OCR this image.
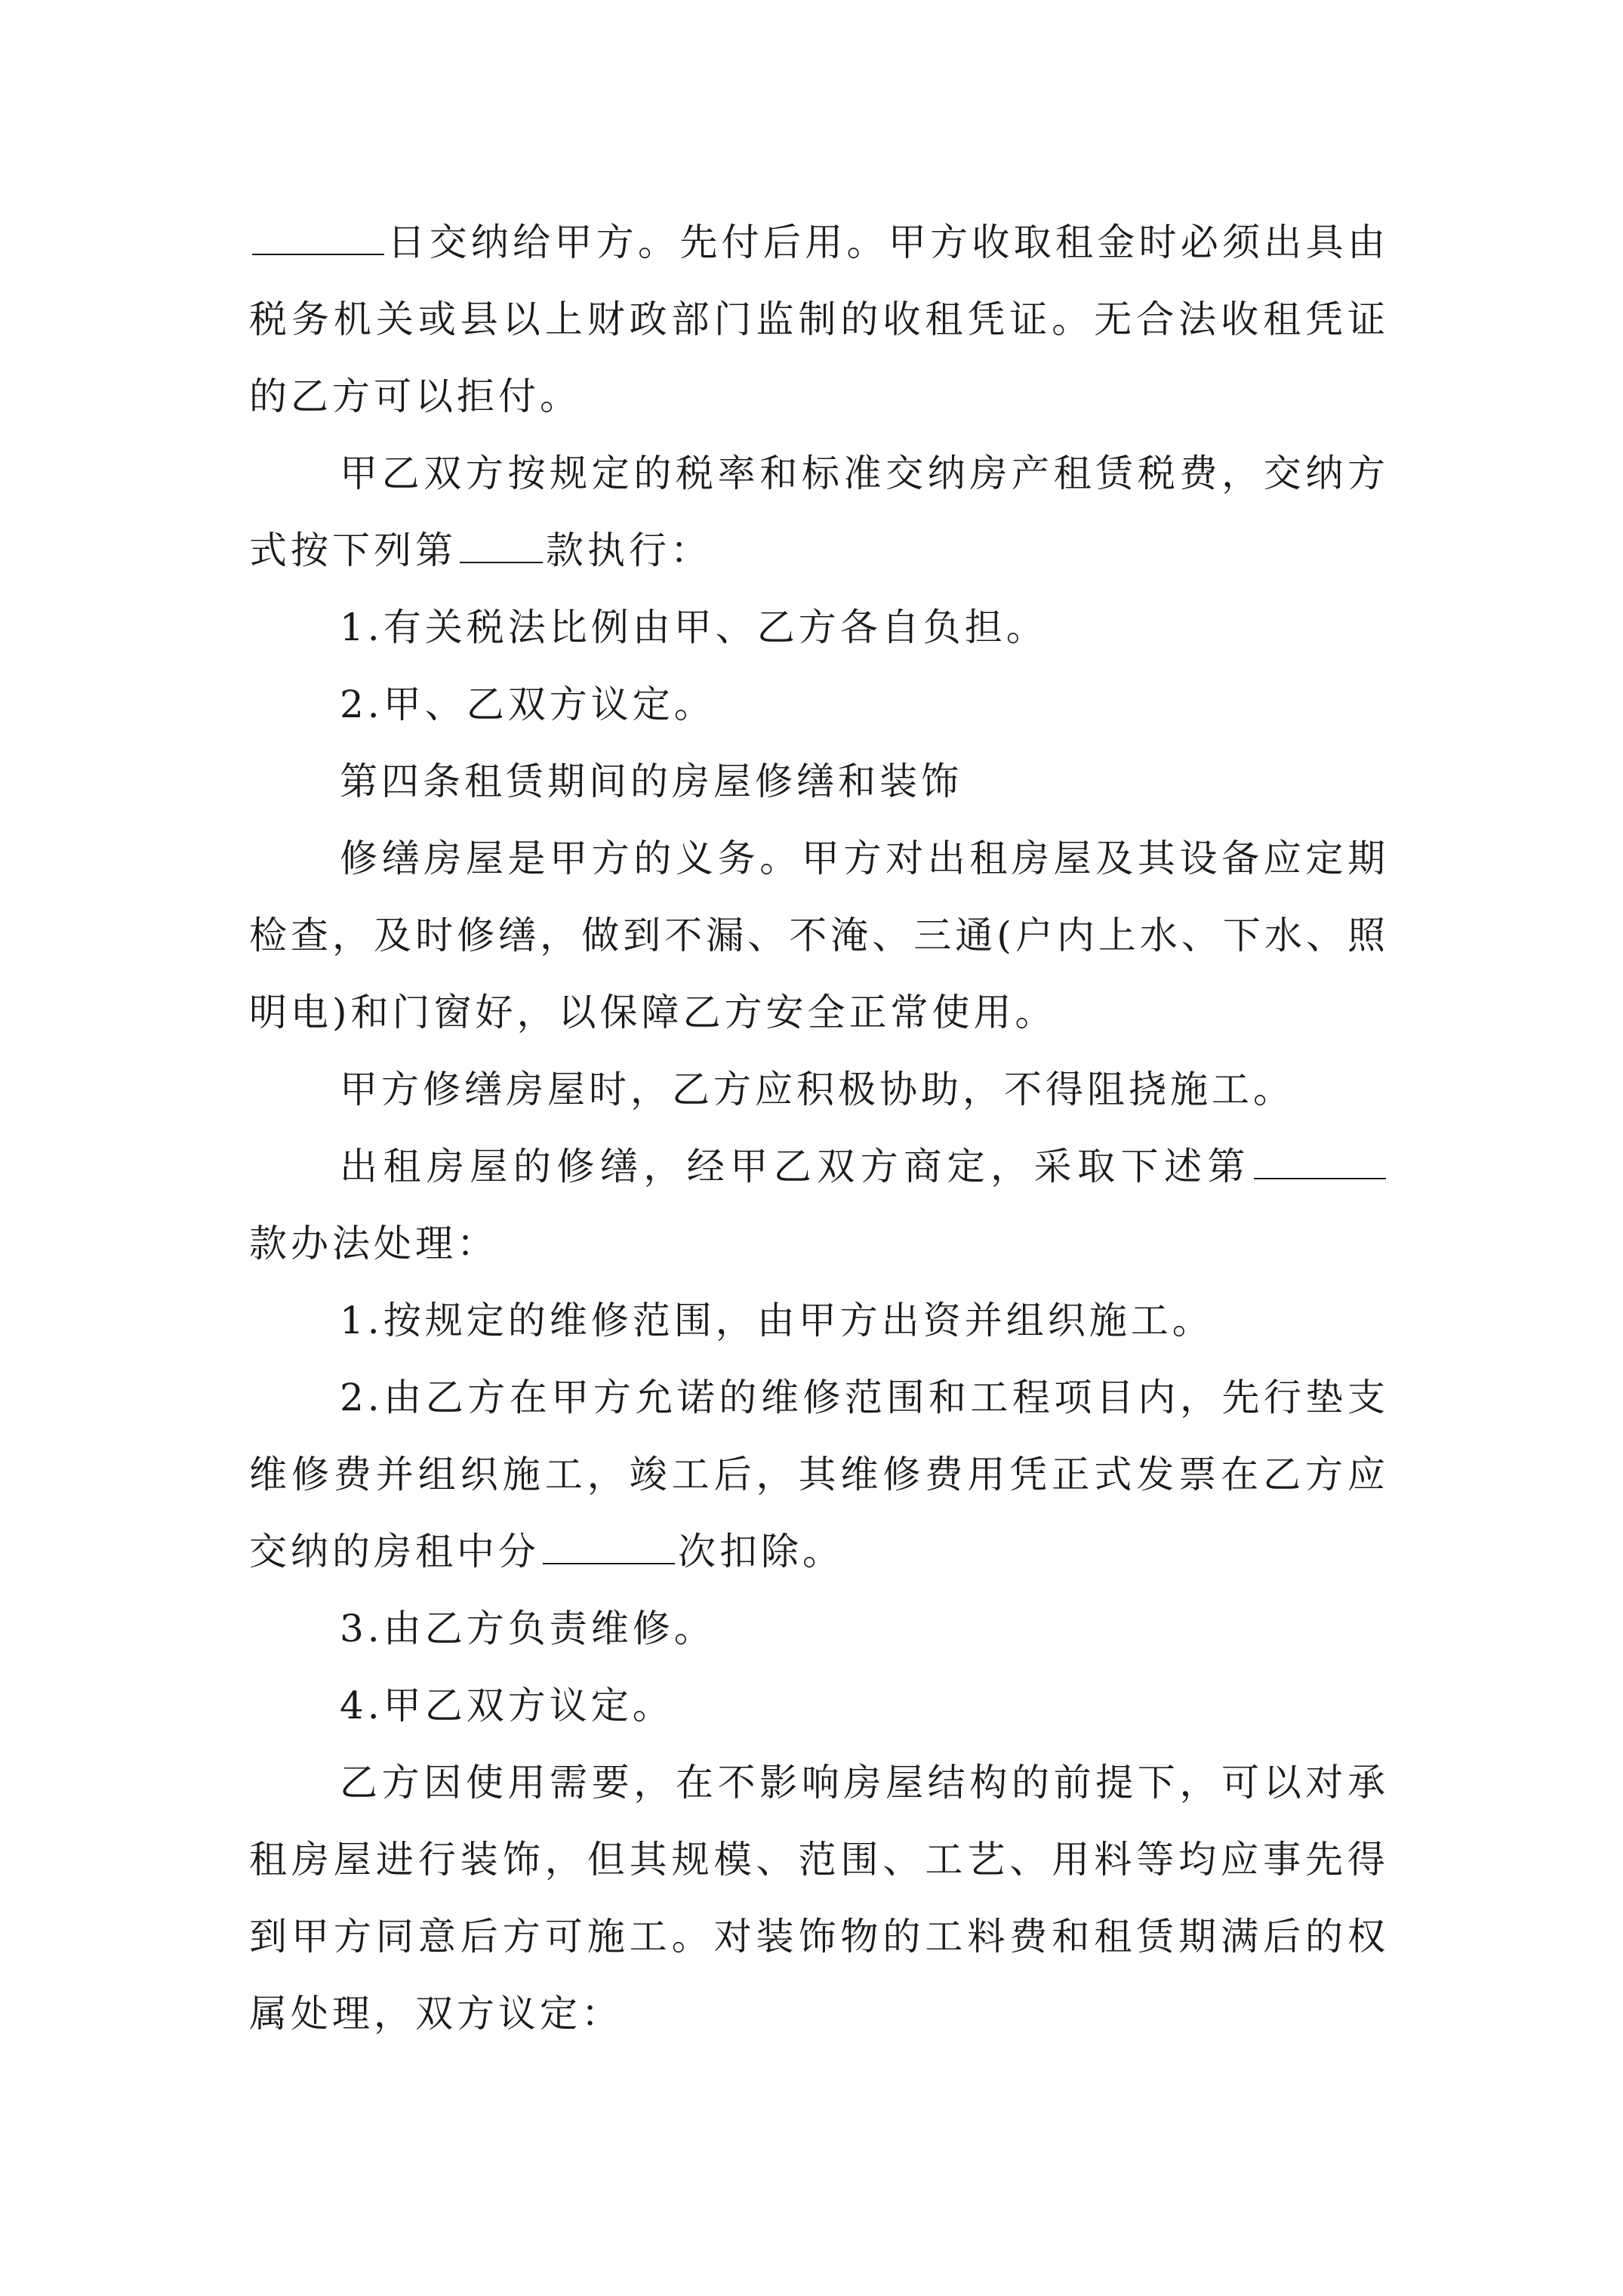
日交纳给甲方。先付后用。甲方收取租金时必须出具由税务机关或县以上财政部门监制的收租凭证。无合法收租凭证的乙方可以拒付。

甲乙双方按规定的税率和标准交纳房产租赁税费，交纳方式按下列第 款执行：

1.有关税法比例由甲、乙方各自负担。

2.甲、乙双方议定。

第四条租赁期间的房屋修缮和装饰

修缮房屋是甲方的义务。甲方对出租房屋及其设备应定期检查，及时修缮，做到不漏、不淹、三通(户内上水、下水、照明电)和门窗好，以保障乙方安全正常使用。

甲方修缮房屋时，乙方应积极协助，不得阻挠施工。

出租房屋的修缮，经甲乙双方商定，采取下述第款办法处理：

1.按规定的维修范围，由甲方出资并组织施工。

2.由乙方在甲方允诺的维修范围和工程项目内，先行垫支维修费并组织施工，竣工后，其维修费用凭正式发票在乙方应交纳的房租中分	次扣除。

3.由乙方负责维修。

4.甲乙双方议定。

乙方因使用需要，在不影响房屋结构的前提下，可以对承租房屋进行装饰，但其规模、范围、工艺、用料等均应事先得到甲方同意后方可施工。对装饰物的工料费和租赁期满后的权属处理，双方议定：
